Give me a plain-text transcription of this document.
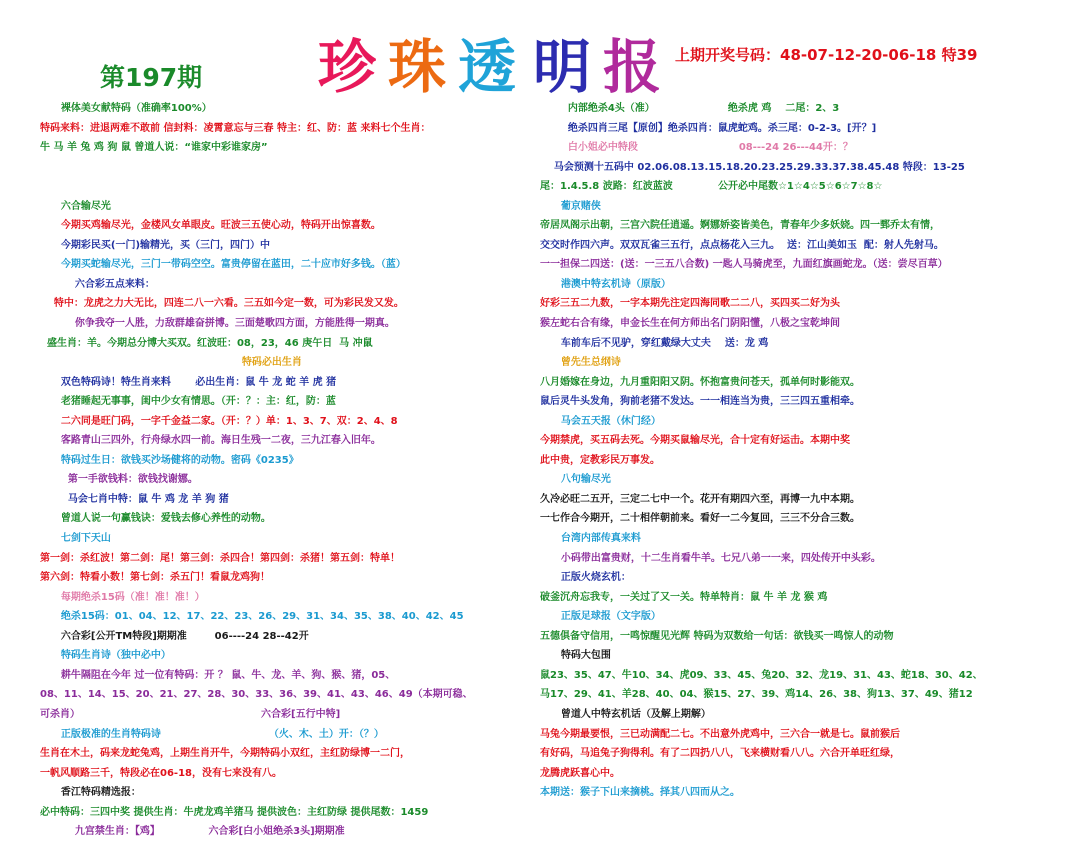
第197期 珍 珠 透 明 报 上期开奖号码：48-07-12-20-06-18 特39
裸体美女献特码（准确率100%）
特码来料：进退两难不敢前 信封料：凌霄意忘与三春 特主：红、防：蓝 来料七个生肖：
牛 马 羊 兔 鸡 狗 鼠 曾道人说：“谁家中彩谁家房”
六合输尽光
今期买鸡输尽光，金楼风女单眼皮。旺波三五使心动，特码开出惊喜数。
今期彩民买(一门)输精光，买（三门，四门）中
今期买蛇输尽光，三门一带码空空。富贵停留在蓝田，二十应市好多钱。（蓝）
六合彩五点来料：
特中：龙虎之力大无比，四连二八一六看。三五如今定一数，可为彩民发又发。
你争我夺一人胜，力敌群雄奋拼博。三面楚歌四方面，方能胜得一期真。
盛生肖：羊。今期总分博大买双。红波旺：08，23，46 庚午日  马 冲鼠
特码必出生肖
双色特码诗！特生肖来料       必出生肖：鼠 牛 龙 蛇 羊 虎 猪
老猪睡起无事事，闺中少女有情思。（开：？：主：红，防：蓝
二六同是旺门码，一字千金益二家。（开：？）单：1、3、7、双：2、4、8
客路青山三四外，行舟绿水四一前。海日生残一二夜，三九江春入旧年。
特码过生日：欲钱买沙场健将的动物。密码《0235》
第一手欲钱料：欲钱找谢娜。
马会七肖中特：鼠 牛 鸡 龙 羊 狗 猪
曾道人说一句赢钱诀：爱钱去修心养性的动物。
七剑下天山
第一剑：杀红波！第二剑：尾！第三剑：杀四合！第四剑：杀猪！第五剑：特单！
第六剑：特看小数！第七剑：杀五门！看鼠龙鸡狗！
每期绝杀15码（准！准！准！）
绝杀15码：01、04、12、17、22、23、26、29、31、34、35、38、40、42、45
六合彩[公开TM特段]期期准        06----24 28--42开
特码生肖诗（独中必中）
耕牛隔阻在今年 过一位有特码：开 ？ 鼠、牛、龙、羊、狗、猴、猪，05、
08、11、14、15、20、21、27、28、30、33、36、39、41、43、46、49（本期可稳、
可杀肖）                                                    六合彩[五行中特]
正版极准的生肖特码诗                               （火、木、土）开：（？）
生肖在木土，码来龙蛇兔鸡，上期生肖开牛，今期特码小双红，主红防绿博一二门，
一帆风顺路三千，特段必在06-18，没有七来没有八。
香江特码精选报：
必中特码：三四中奖 提供生肖：牛虎龙鸡羊猪马 提供波色：主红防绿 提供尾数：1459
九宫禁生肖：【鸡】              六合彩[白小姐绝杀3头]期期准
内部绝杀4头（准）                     绝杀虎 鸡    二尾：2、3
绝杀四肖三尾【原创】绝杀四肖：鼠虎蛇鸡。杀三尾：0-2-3。[开？]
白小姐必中特段                             08---24 26---44开：？
马会预测十五码中 02.06.08.13.15.18.20.23.25.29.33.37.38.45.48 特段：13-25
尾：1.4.5.8 波路：红波蓝波             公开必中尾数☆1☆4☆5☆6☆7☆8☆
葡京赌侠
帝居凤阁示出朝，三宫六院任逍遥。婀娜娇姿皆美色，青春年少多妖娆。四一鄄乔太有情，
交交时作四六声。双双瓦雀三五行，点点杨花入三九。  送：江山美如玉  配：射人先射马。
一一担保二四送：(送：一三五八合数) 一匙人马骑虎至，九面红旗画蛇龙。（送：尝尽百草）
港澳中特玄机诗（原版）
好彩三五二九数，一字本期先注定四海同歌二二八，买四买二好为头
猴左蛇右合有缘，申金长生在何方师出名门阴阳懂，八极之宝乾坤间
车前车后不见驴，穿红戴绿大丈夫    送：龙 鸡
曾先生总纲诗
八月婚嫁在身边，九月重阳阳又阴。怀抱富贵问苍天，孤单何时影能双。
鼠后灵牛头发角，狗前老猪不发达。一一相连当为贵，三三四五重相牵。
马会五天报（休门经）
今期禁虎，买五码去死。今期买鼠输尽光，合十定有好运击。本期中奖
此中贵，定教彩民万事发。
八句输尽光
久冷必旺二五开，三定二七中一个。花开有期四六至，再博一九中本期。
一七作合今期开，二十相伴朝前来。看好一二今复回，三三不分合三数。
台湾内部传真来料
小码带出富贵财，十二生肖看牛羊。七兄八弟一一来，四处传开中头彩。
正版火烧玄机：
破釜沉舟忘我专，一关过了又一关。特单特肖：鼠 牛 羊 龙 猴 鸡
正版足球报（文字版）
五德俱备守信用，一鸣惊醒见光辉 特码为双数给一句话：欲钱买一鸣惊人的动物
特码大包围
鼠23、35、47、牛10、34、虎09、33、45、兔20、32、龙19、31、43、蛇18、30、42、
马17、29、41、羊28、40、04、猴15、27、39、鸡14、26、38、狗13、37、49、猪12
曾道人中特玄机话（及解上期解）
马兔今期最要恨，三已动满配二七。不出意外虎鸡中，三六合一就是七。鼠前猴后
有好码，马追兔子狗得利。有了二四扔八八，飞来横财看八八。六合开单旺红绿，
龙腾虎跃喜心中。
本期送：猴子下山来摘桃。择其八四而从之。
